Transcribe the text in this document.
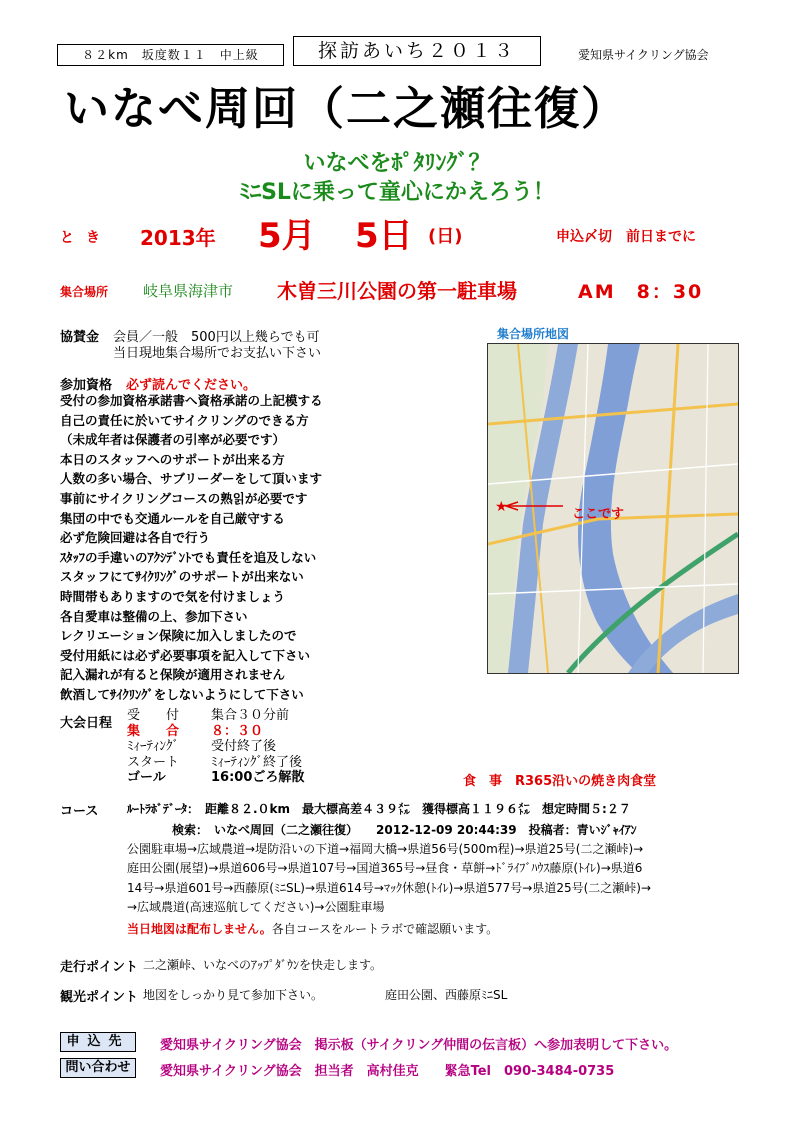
８２km　坂度数１１　中上級	探訪あいち２０１３	愛知県サイクリング協会
いなべ周回（二之瀬往復）
いなべをﾎﾟﾀﾘﾝｸﾞ？
ﾐﾆSLに乗って童心にかえろう！
とき 2013年 5月 5日 (日)	申込〆切　前日までに
集合場所 岐阜県海津市 木曽三川公園の第一駐車場	AM　8：30
協賛金 会員／一般　500円以上幾らでも可
当日現地集合場所でお支払い下さい
集合場所地図
★	ここです
参加資格 必ず読んでください。
受付の参加資格承諾書へ資格承諾の上記模する
自己の責任に於いてサイクリングのできる方
（未成年者は保護者の引率が必要です）
本日のスタッフへのサポートが出来る方
人数の多い場合、サブリーダーをして頂います
事前にサイクリングコースの熟읽が必要です
集団の中でも交通ルールを自己厳守する
必ず危険回避は各自で行う
ｽﾀｯﾌの手違いのｱｸｼﾃﾞﾝﾄでも責任を追及しない
スタッフにてｻｲｸﾘﾝｸﾞのサポートが出来ない
時間帯もありますので気を付けましょう
各自愛車は整備の上、参加下さい
レクリエーション保険に加入しましたので
受付用紙には必ず必要事項を記入して下さい
記入漏れが有ると保険が適用されません
飲酒してｻｲｸﾘﾝｸﾞをしないようにして下さい
大会日程
受　　付 集合３０分前
集　　合 ８：３０
ﾐｨｰﾃｨﾝｸﾞ 受付終了後
スタート ﾐｨｰﾃｨﾝｸﾞ終了後
ゴール	16:00ごろ解散	食　事　R365沿いの焼き肉食堂
コース ﾙｰﾄﾗﾎﾞﾃﾞｰﾀ：　距離８２.０km　最大標高差４３９㍍　獲得標高１１９６㍍　想定時間５:２７
検索：　いなべ周回（二之瀬往復）　　2012-12-09 20:44:39　投稿者：青いｼﾞｬｲｱﾝ
公園駐車場→広域農道→堤防沿いの下道→福岡大橋→県道56号(500m程)→県道25号(二之瀬峠)→
庭田公園(展望)→県道606号→県道107号→国道365号→昼食・草餅→ﾄﾞﾗｲﾌﾞﾊｳｽ藤原(ﾄｲﾚ)→県道6
14号→県道601号→西藤原(ﾐﾆSL)→県道614号→ﾏｯｸ休憩(ﾄｲﾚ)→県道577号→県道25号(二之瀬峠)→
→広域農道(高速巡航してください)→公園駐車場
当日地図は配布しません。各自コースをルートラボで確認願います。
走行ポイント 二之瀬峠、いなべのｱｯﾌﾟﾀﾞｳﾝを快走します。
観光ポイント 地図をしっかり見て参加下さい。	庭田公園、西藤原ﾐﾆSL
申込先	愛知県サイクリング協会　掲示板（サイクリング仲間の伝言板）へ参加表明して下さい。
問い合わせ	愛知県サイクリング協会　担当者　高村佳克　　緊急Tel　090-3484-0735
